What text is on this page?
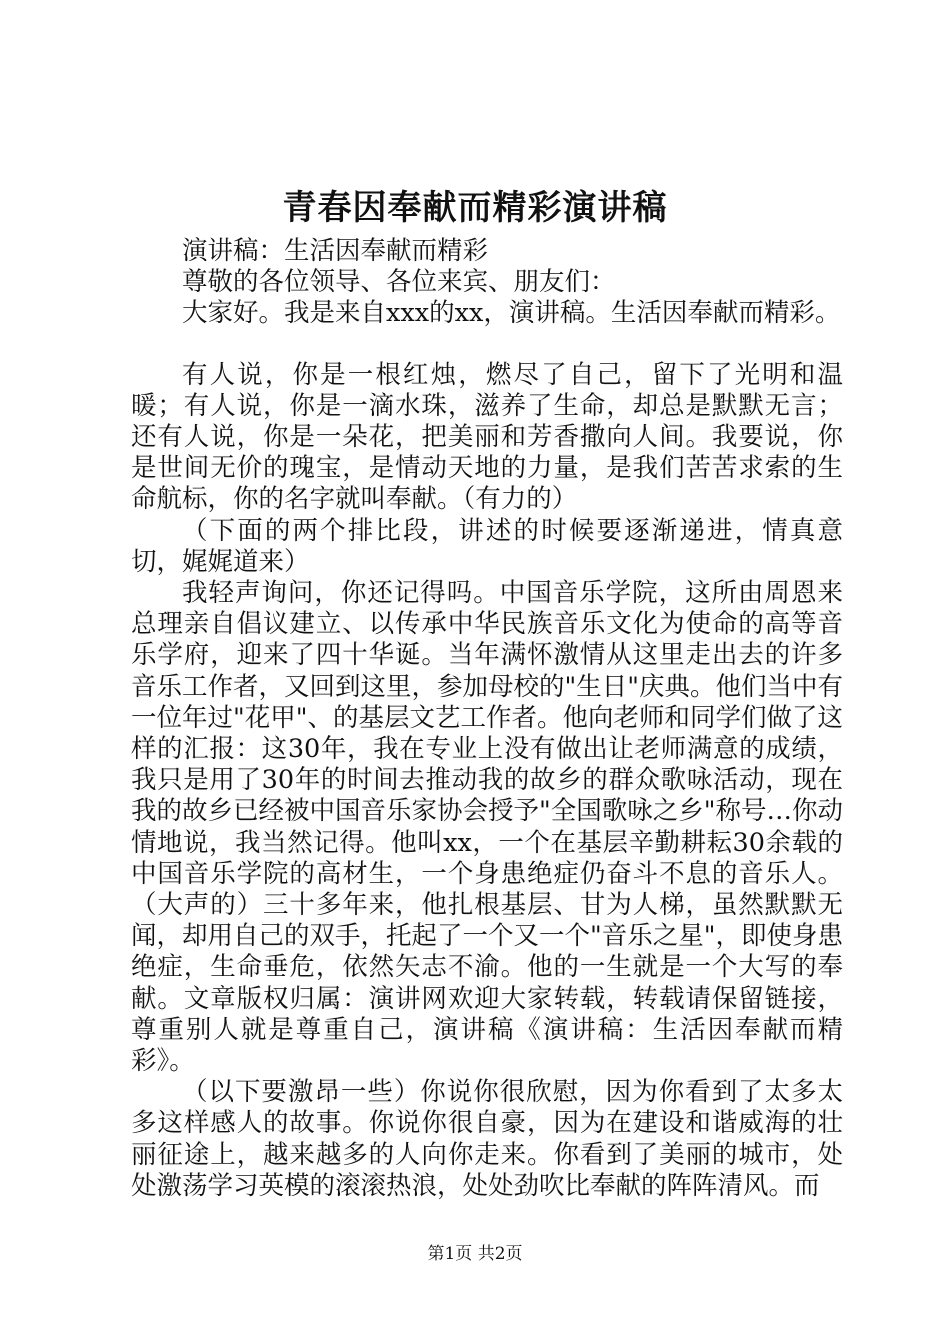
青春因奉献而精彩演讲稿

演讲稿：生活因奉献而精彩

尊敬的各位领导、各位来宾、朋友们：

大家好。我是来自xxx的xx，演讲稿。生活因奉献而精彩。

有人说，你是一根红烛，燃尽了自己，留下了光明和温暖；有人说，你是一滴水珠，滋养了生命，却总是默默无言；还有人说，你是一朵花，把美丽和芳香撒向人间。我要说，你是世间无价的瑰宝，是情动天地的力量，是我们苦苦求索的生命航标，你的名字就叫奉献。（有力的）

（下面的两个排比段，讲述的时候要逐渐递进，情真意切，娓娓道来）

我轻声询问，你还记得吗。中国音乐学院，这所由周恩来总理亲自倡议建立、以传承中华民族音乐文化为使命的高等音乐学府，迎来了四十华诞。当年满怀激情从这里走出去的许多音乐工作者，又回到这里，参加母校的"生日"庆典。他们当中有一位年过"花甲"、的基层文艺工作者。他向老师和同学们做了这样的汇报：这30年，我在专业上没有做出让老师满意的成绩，我只是用了30年的时间去推动我的故乡的群众歌咏活动，现在我的故乡已经被中国音乐家协会授予"全国歌咏之乡"称号…你动情地说，我当然记得。他叫xx，一个在基层辛勤耕耘30余载的中国音乐学院的高材生，一个身患绝症仍奋斗不息的音乐人。（大声的）三十多年来，他扎根基层、甘为人梯，虽然默默无闻，却用自己的双手，托起了一个又一个"音乐之星"，即使身患绝症，生命垂危，依然矢志不渝。他的一生就是一个大写的奉献。文章版权归属：演讲网欢迎大家转载，转载请保留链接，尊重别人就是尊重自己，演讲稿《演讲稿：生活因奉献而精彩》。

（以下要激昂一些）你说你很欣慰，因为你看到了太多太多这样感人的故事。你说你很自豪，因为在建设和谐威海的壮丽征途上，越来越多的人向你走来。你看到了美丽的城市，处处激荡学习英模的滚滚热浪，处处劲吹比奉献的阵阵清风。而

第1页 共2页
